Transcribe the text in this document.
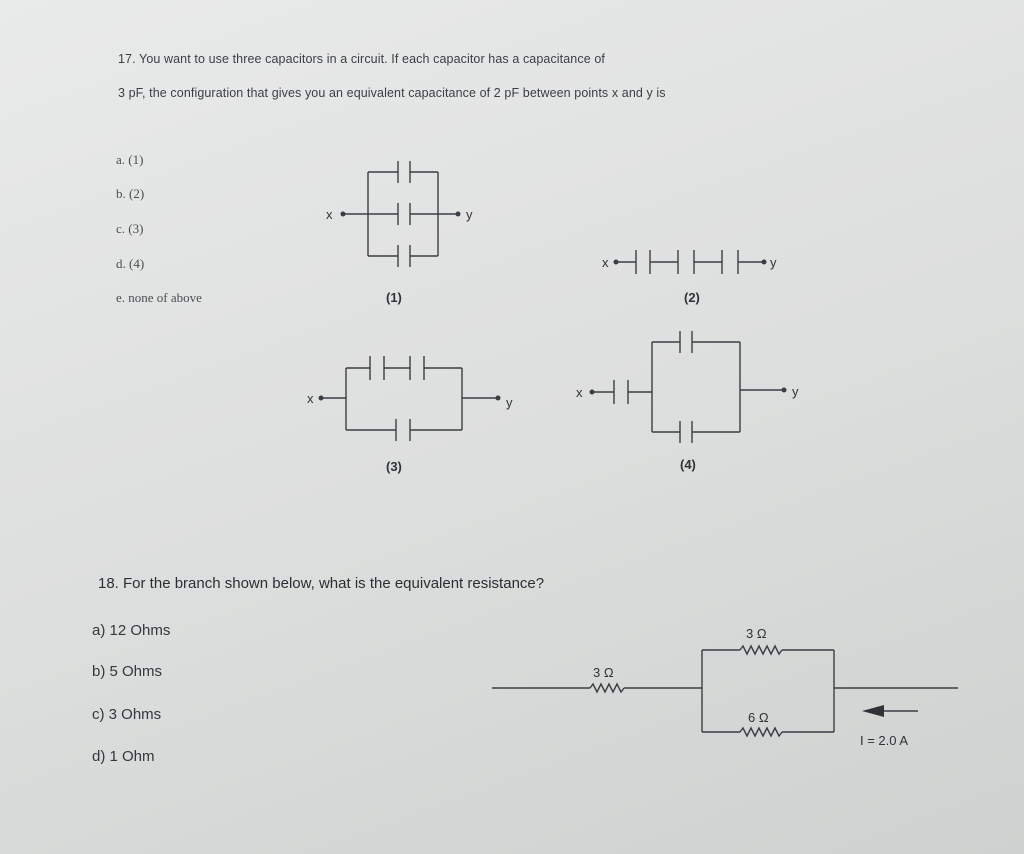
17. You want to use three capacitors in a circuit. If each capacitor has a capacitance of
3 pF, the configuration that gives you an equivalent capacitance of 2 pF between points x and y is
a. (1)
b. (2)
c. (3)
d. (4)
e. none of above
x	y
(1)
x	y
(2)
x	y
(3)
x	y
(4)
3 Ω
3 Ω
6 Ω
I = 2.0 A
18. For the branch shown below, what is the equivalent resistance?
a) 12 Ohms
b) 5 Ohms
c) 3 Ohms
d) 1 Ohm
